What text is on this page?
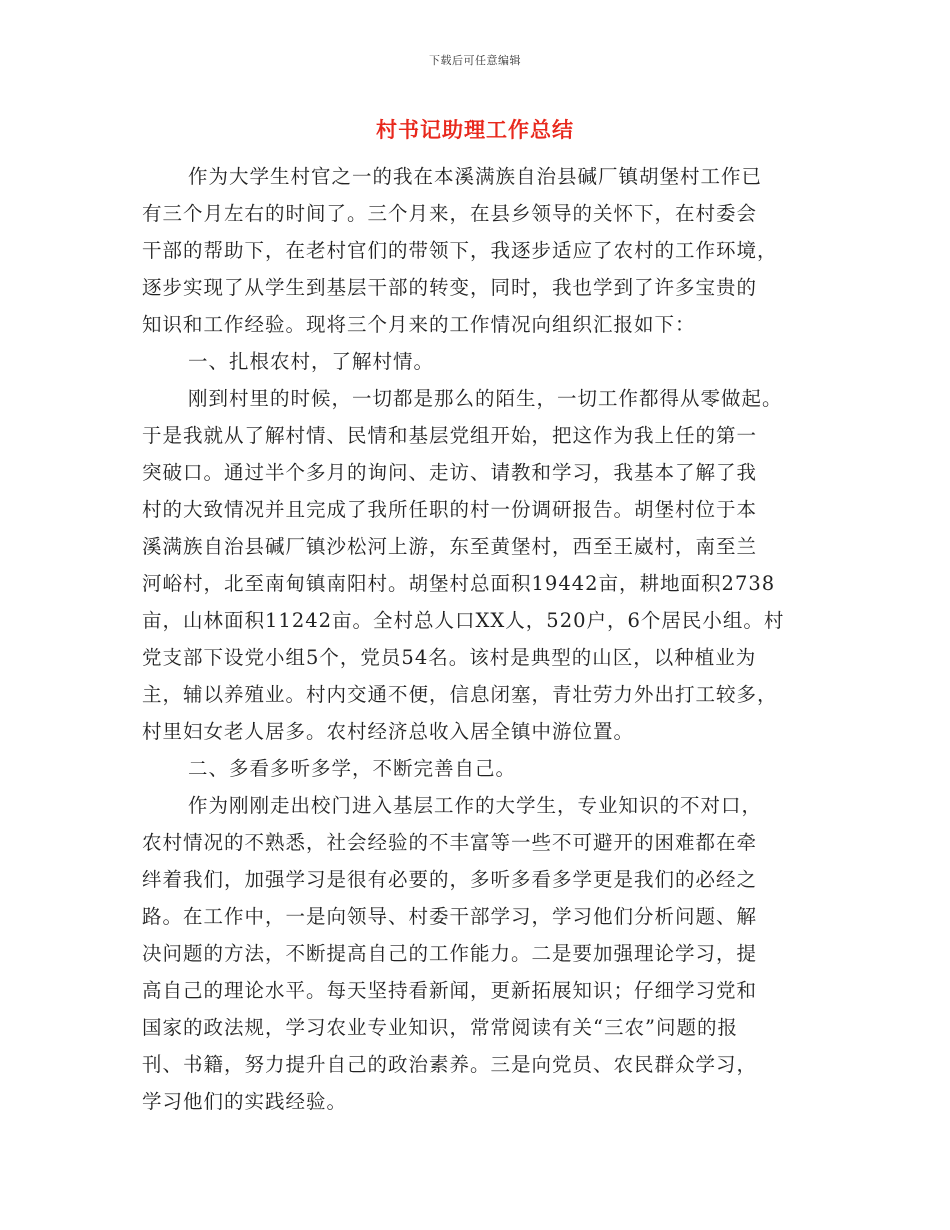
下载后可任意编辑
村书记助理工作总结
作为大学生村官之一的我在本溪满族自治县碱厂镇胡堡村工作已
有三个月左右的时间了。三个月来，在县乡领导的关怀下，在村委会
干部的帮助下，在老村官们的带领下，我逐步适应了农村的工作环境，
逐步实现了从学生到基层干部的转变，同时，我也学到了许多宝贵的
知识和工作经验。现将三个月来的工作情况向组织汇报如下：
一、扎根农村，了解村情。
刚到村里的时候，一切都是那么的陌生，一切工作都得从零做起。
于是我就从了解村情、民情和基层党组开始，把这作为我上任的第一
突破口。通过半个多月的询问、走访、请教和学习，我基本了解了我
村的大致情况并且完成了我所任职的村一份调研报告。胡堡村位于本
溪满族自治县碱厂镇沙松河上游，东至黄堡村，西至王崴村，南至兰
河峪村，北至南甸镇南阳村。胡堡村总面积19442亩，耕地面积2738
亩，山林面积11242亩。全村总人口XX人，520户，6个居民小组。村
党支部下设党小组5个，党员54名。该村是典型的山区，以种植业为
主，辅以养殖业。村内交通不便，信息闭塞，青壮劳力外出打工较多，
村里妇女老人居多。农村经济总收入居全镇中游位置。
二、多看多听多学，不断完善自己。
作为刚刚走出校门进入基层工作的大学生，专业知识的不对口，
农村情况的不熟悉，社会经验的不丰富等一些不可避开的困难都在牵
绊着我们，加强学习是很有必要的，多听多看多学更是我们的必经之
路。在工作中，一是向领导、村委干部学习，学习他们分析问题、解
决问题的方法，不断提高自己的工作能力。二是要加强理论学习，提
高自己的理论水平。每天坚持看新闻，更新拓展知识；仔细学习党和
国家的政法规，学习农业专业知识，常常阅读有关“三农”问题的报
刊、书籍，努力提升自己的政治素养。三是向党员、农民群众学习，
学习他们的实践经验。
